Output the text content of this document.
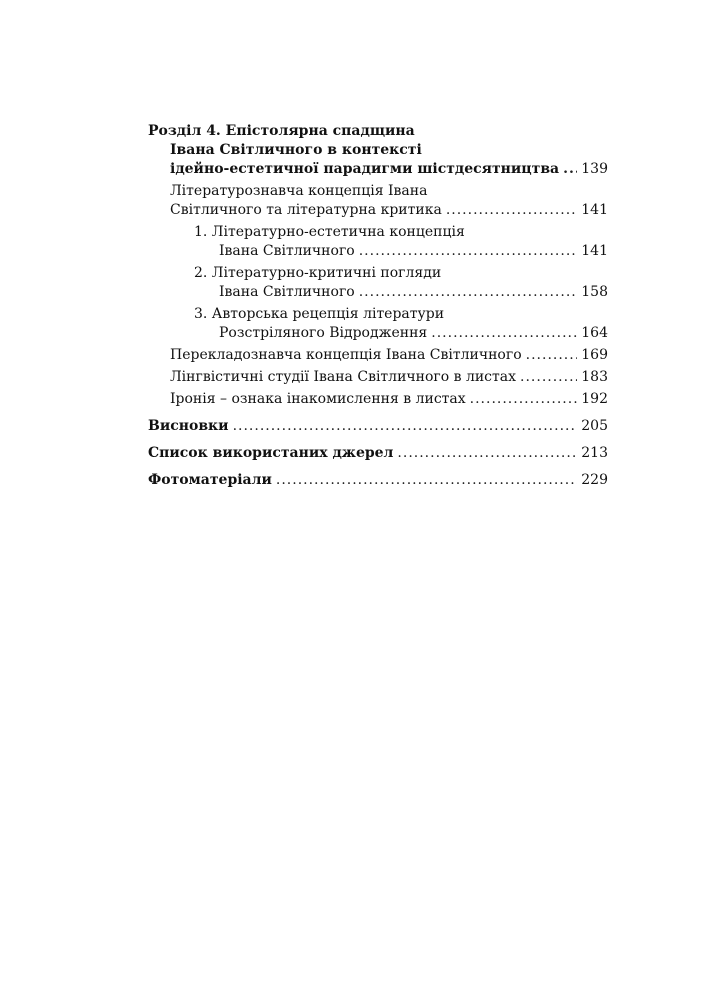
Розділ 4. Епістолярна спадщина
Івана Світличного в контексті
ідейно-естетичної парадигми шістдесятництва ..... 139
Літературознавча концепція Івана
Світличного та літературна критика .....	141
1. Літературно-естетична концепція
Івана Світличного .....	141
2. Літературно-критичні погляди
Івана Світличного .....	158
3. Авторська рецепція літератури
Розстріляного Відродження .....	164
Перекладознавча концепція Івана Світличного .....	169
Лінгвістичні студії Івана Світличного в листах .....	183
Іронія – ознака інакомислення в листах .....	192
Висновки .....	205
Список використаних джерел .....	213
Фотоматеріали .....	229
